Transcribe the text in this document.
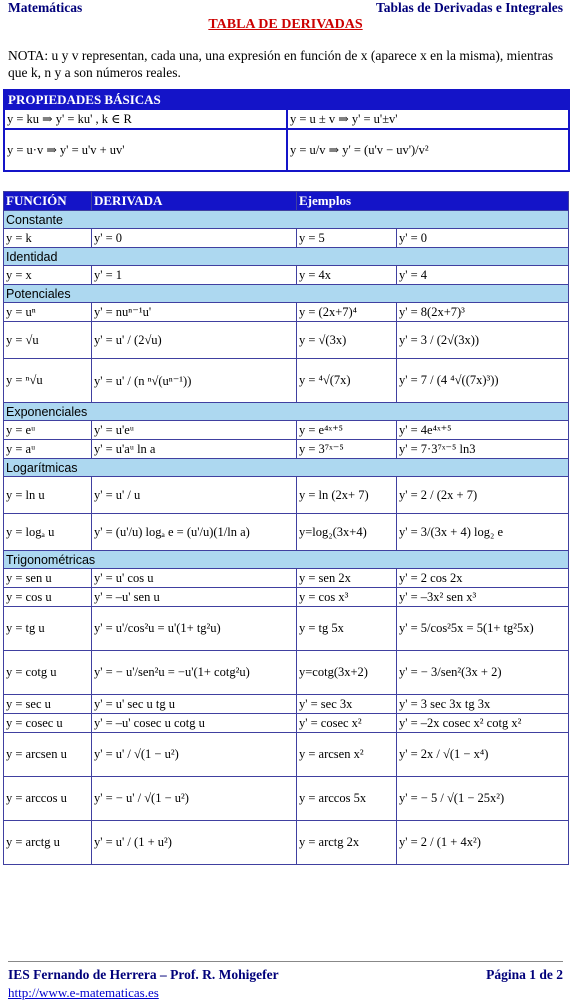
Matemáticas	Tablas de Derivadas e Integrales
TABLA DE DERIVADAS
NOTA: u y v representan, cada una, una expresión en función de x (aparece x en la misma), mientras que k, n y a son números reales.
PROPIEDADES BÁSICAS	
y = ku ⇒ y' = ku' , k ∈ R	y = u ± v ⇒ y' = u'±v'
y = u·v ⇒ y' = u'v + uv'	y = u/v ⇒ y' = (u'v − uv')/v²
FUNCIÓN	DERIVADA	Ejemplos	
Constante			
y = k	y' = 0	y = 5	y' = 0
Identidad			
y = x	y' = 1	y = 4x	y' = 4
Potenciales			
y = uⁿ	y' = nuⁿ⁻¹u'	y = (2x+7)⁴	y' = 8(2x+7)³
y = √u	y' = u' / (2√u)	y = √(3x)	y' = 3 / (2√(3x))
y = ⁿ√u	y' = u' / (n ⁿ√(uⁿ⁻¹))	y = ⁴√(7x)	y' = 7 / (4 ⁴√((7x)³))
Exponenciales			
y = eᵘ	y' = u'eᵘ	y = e⁴ˣ⁺⁵	y' = 4e⁴ˣ⁺⁵
y = aᵘ	y' = u'aᵘ ln a	y = 3⁷ˣ⁻⁵	y' = 7·3⁷ˣ⁻⁵ ln3
Logarítmicas			
y = ln u	y' = u' / u	y = ln (2x+ 7)	y' = 2 / (2x + 7)
y = logₐ u	y' = (u'/u) logₐ e = (u'/u)(1/ln a)	y=log₂(3x+4)	y' = 3/(3x + 4) log₂ e
Trigonométricas			
y = sen u	y' = u' cos u	y = sen 2x	y' = 2 cos 2x
y = cos u	y' = –u' sen u	y = cos x³	y' = –3x² sen x³
y = tg u	y' = u'/cos²u = u'(1+ tg²u)	y = tg 5x	y' = 5/cos²5x = 5(1+ tg²5x)
y = cotg u	y' = − u'/sen²u = −u'(1+ cotg²u)	y=cotg(3x+2)	y' = − 3/sen²(3x + 2)
y = sec u	y' = u' sec u tg u	y' = sec 3x	y' = 3 sec 3x tg 3x
y = cosec u	y' = –u' cosec u cotg u	y' = cosec x²	y' = –2x cosec x² cotg x²
y = arcsen u	y' = u' / √(1 − u²)	y = arcsen x²	y' = 2x / √(1 − x⁴)
y = arccos u	y' = − u' / √(1 − u²)	y = arccos 5x	y' = − 5 / √(1 − 25x²)
y = arctg u	y' = u' / (1 + u²)	y = arctg 2x	y' = 2 / (1 + 4x²)
IES Fernando de Herrera – Prof. R. Mohigefer	Página 1 de 2
http://www.e-matematicas.es
